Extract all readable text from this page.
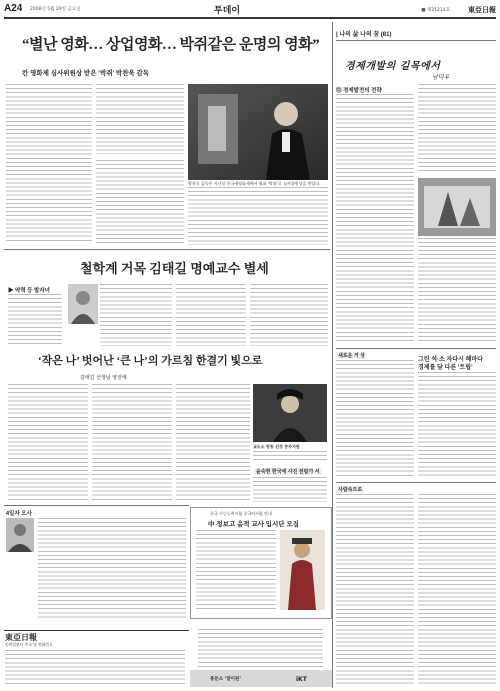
A24 2008년 5월 29일 금요일	투데이	■ 제21214호	東亞日報
“별난 영화… 상업영화… 박쥐같은 운명의 영화”
칸 영화제 심사위원상 받은 ‘박쥐’ 박찬욱 감독
박찬욱 감독은 지난달 칸국제영화제에서 영화 ‘박쥐’로 심사위원상을 받았다.
철학계 거목 김태길 명예교수 별세
▶ 약력 등 발자녀
‘작은 나’ 벗어난 ‘큰 나’의 가르침 한결기 빛으로
김태길 선생님 영전에
교도소 방송 선정 중주지원
윤숙현 한국에 사진 전람가 서
4일자 오사	중국 수능능력시험 중국어시험 안내
中 정보고 음적 교사 입시단 모집
東亞日報
동아일보사 주소 및 전화번호
통문소 ‘맡이된’	iKT
| 나의 삶 나의 꿈 (81)
⑮ 경제발전의 전략
경제개발의 길목에서
남덕우
새로운 거 상
그린 석·소 자다시 해마다
경제를 담 다른 ‘트립’
사람속으로
